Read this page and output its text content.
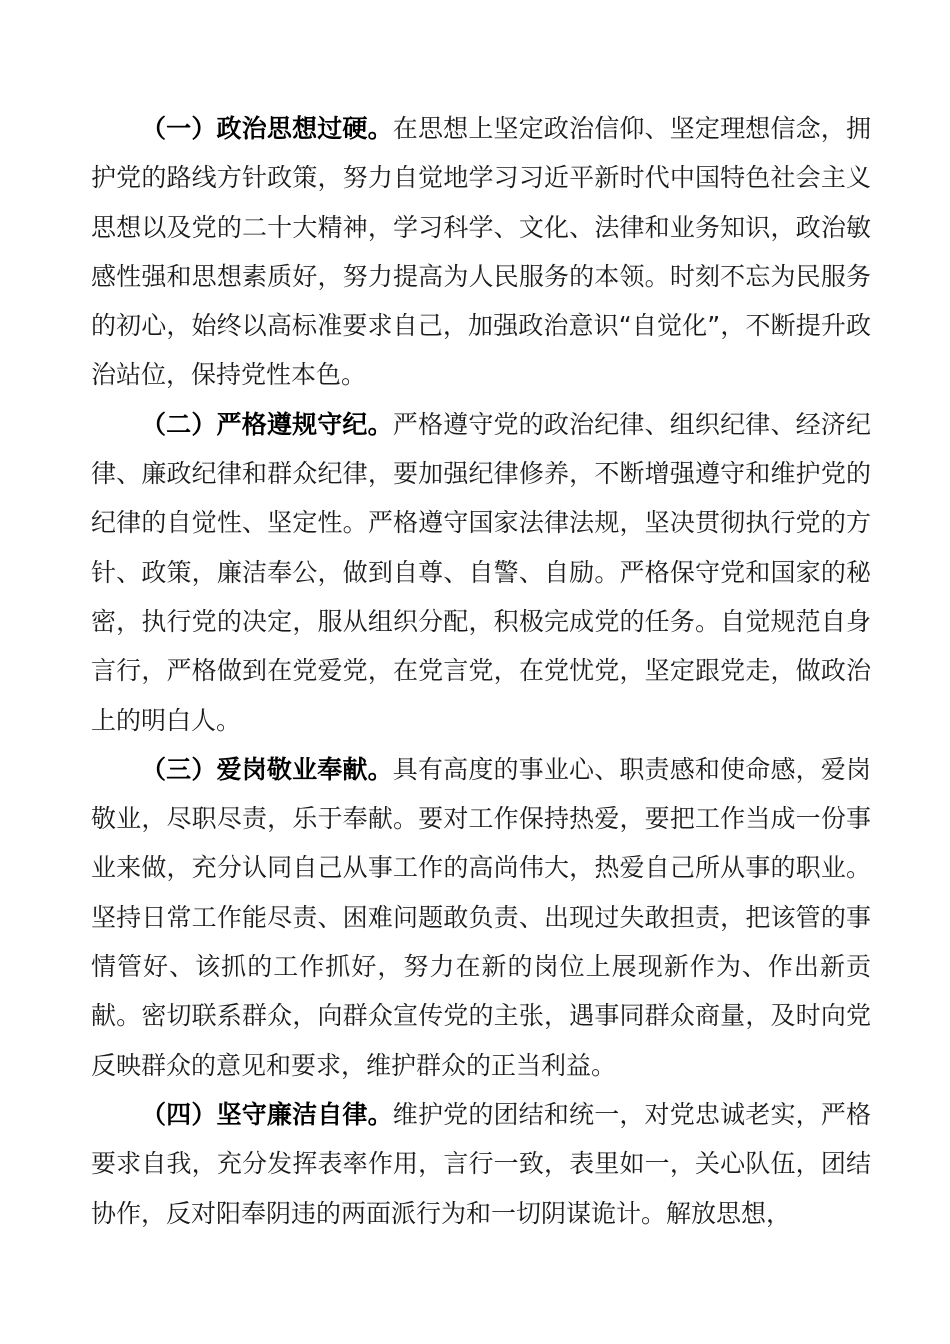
（一）政治思想过硬。在思想上坚定政治信仰、坚定理想信念，拥护党的路线方针政策，努力自觉地学习习近平新时代中国特色社会主义思想以及党的二十大精神，学习科学、文化、法律和业务知识，政治敏感性强和思想素质好，努力提高为人民服务的本领。时刻不忘为民服务的初心，始终以高标准要求自己，加强政治意识“自觉化”，不断提升政治站位，保持党性本色。

（二）严格遵规守纪。严格遵守党的政治纪律、组织纪律、经济纪律、廉政纪律和群众纪律，要加强纪律修养，不断增强遵守和维护党的纪律的自觉性、坚定性。严格遵守国家法律法规，坚决贯彻执行党的方针、政策，廉洁奉公，做到自尊、自警、自励。严格保守党和国家的秘密，执行党的决定，服从组织分配，积极完成党的任务。自觉规范自身言行，严格做到在党爱党，在党言党，在党忧党，坚定跟党走，做政治上的明白人。

（三）爱岗敬业奉献。具有高度的事业心、职责感和使命感，爱岗敬业，尽职尽责，乐于奉献。要对工作保持热爱，要把工作当成一份事业来做，充分认同自己从事工作的高尚伟大，热爱自己所从事的职业。坚持日常工作能尽责、困难问题敢负责、出现过失敢担责，把该管的事情管好、该抓的工作抓好，努力在新的岗位上展现新作为、作出新贡献。密切联系群众，向群众宣传党的主张，遇事同群众商量，及时向党反映群众的意见和要求，维护群众的正当利益。

（四）坚守廉洁自律。维护党的团结和统一，对党忠诚老实，严格要求自我，充分发挥表率作用，言行一致，表里如一，关心队伍，团结协作，反对阳奉阴违的两面派行为和一切阴谋诡计。解放思想，
